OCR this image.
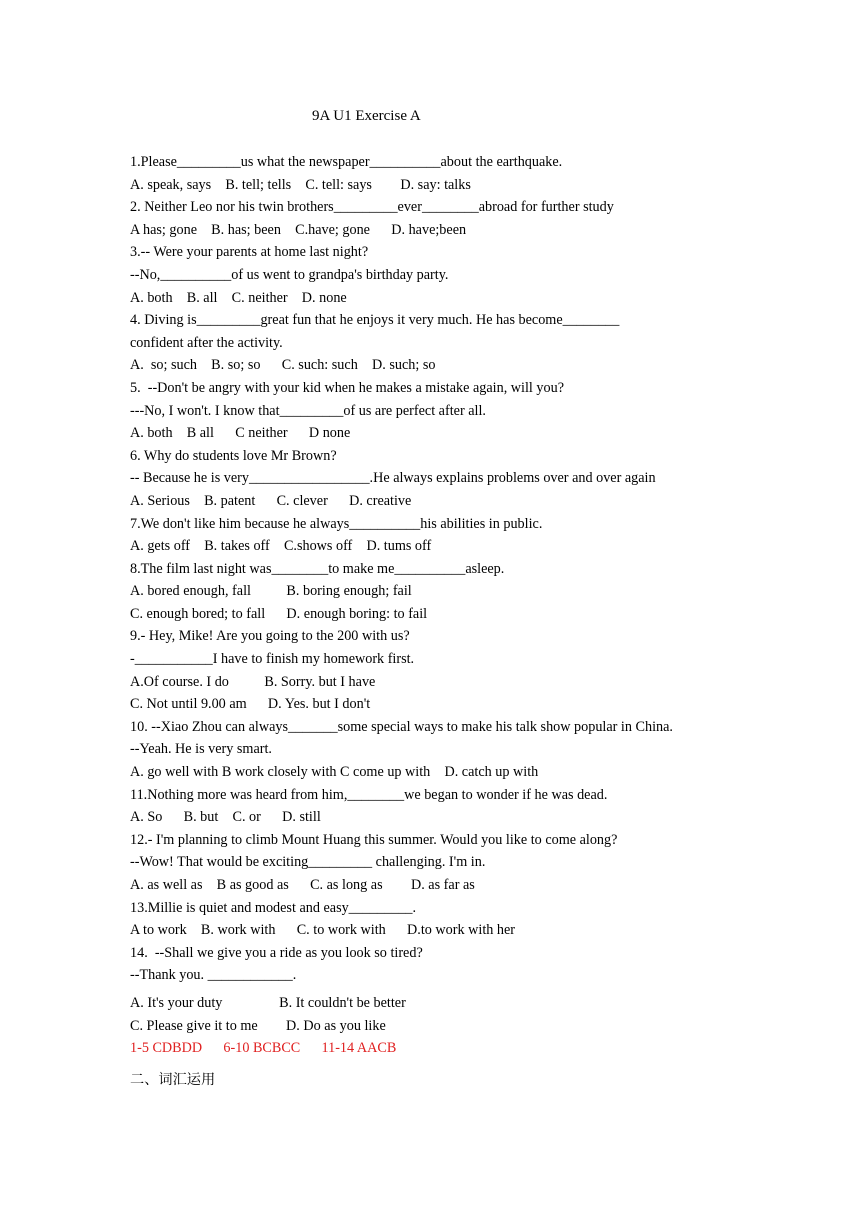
9A U1 Exercise A
1.Please_________us what the newspaper__________about the earthquake.
A. speak, says    B. tell; tells    C. tell: says        D. say: talks
2. Neither Leo nor his twin brothers_________ever________abroad for further study
A has; gone    B. has; been    C.have; gone      D. have;been
3.-- Were your parents at home last night?
--No,__________of us went to grandpa's birthday party.
A. both    B. all    C. neither    D. none
4. Diving is_________great fun that he enjoys it very much. He has become________
confident after the activity.
A.  so; such    B. so; so      C. such: such    D. such; so
5.  --Don't be angry with your kid when he makes a mistake again, will you?
---No, I won't. I know that_________of us are perfect after all.
A. both    B all      C neither      D none
6. Why do students love Mr Brown?
-- Because he is very_________________.He always explains problems over and over again
A. Serious    B. patent      C. clever      D. creative
7.We don't like him because he always__________his abilities in public.
A. gets off    B. takes off    C.shows off    D. tums off
8.The film last night was________to make me__________asleep.
A. bored enough, fall          B. boring enough; fail
C. enough bored; to fall      D. enough boring: to fail
9.- Hey, Mike! Are you going to the 200 with us?
-___________I have to finish my homework first.
A.Of course. I do          B. Sorry. but I have
C. Not until 9.00 am      D. Yes. but I don't
10. --Xiao Zhou can always_______some special ways to make his talk show popular in China.
--Yeah. He is very smart.
A. go well with B work closely with C come up with    D. catch up with
11.Nothing more was heard from him,________we began to wonder if he was dead.
A. So      B. but    C. or      D. still
12.- I'm planning to climb Mount Huang this summer. Would you like to come along?
--Wow! That would be exciting_________ challenging. I'm in.
A. as well as    B as good as      C. as long as        D. as far as
13.Millie is quiet and modest and easy_________.
A to work    B. work with      C. to work with      D.to work with her
14.  --Shall we give you a ride as you look so tired?
--Thank you. ____________.
A. It's your duty                B. It couldn't be better
C. Please give it to me        D. Do as you like
1-5 CDBDD      6-10 BCBCC      11-14 AACB
二、词汇运用
